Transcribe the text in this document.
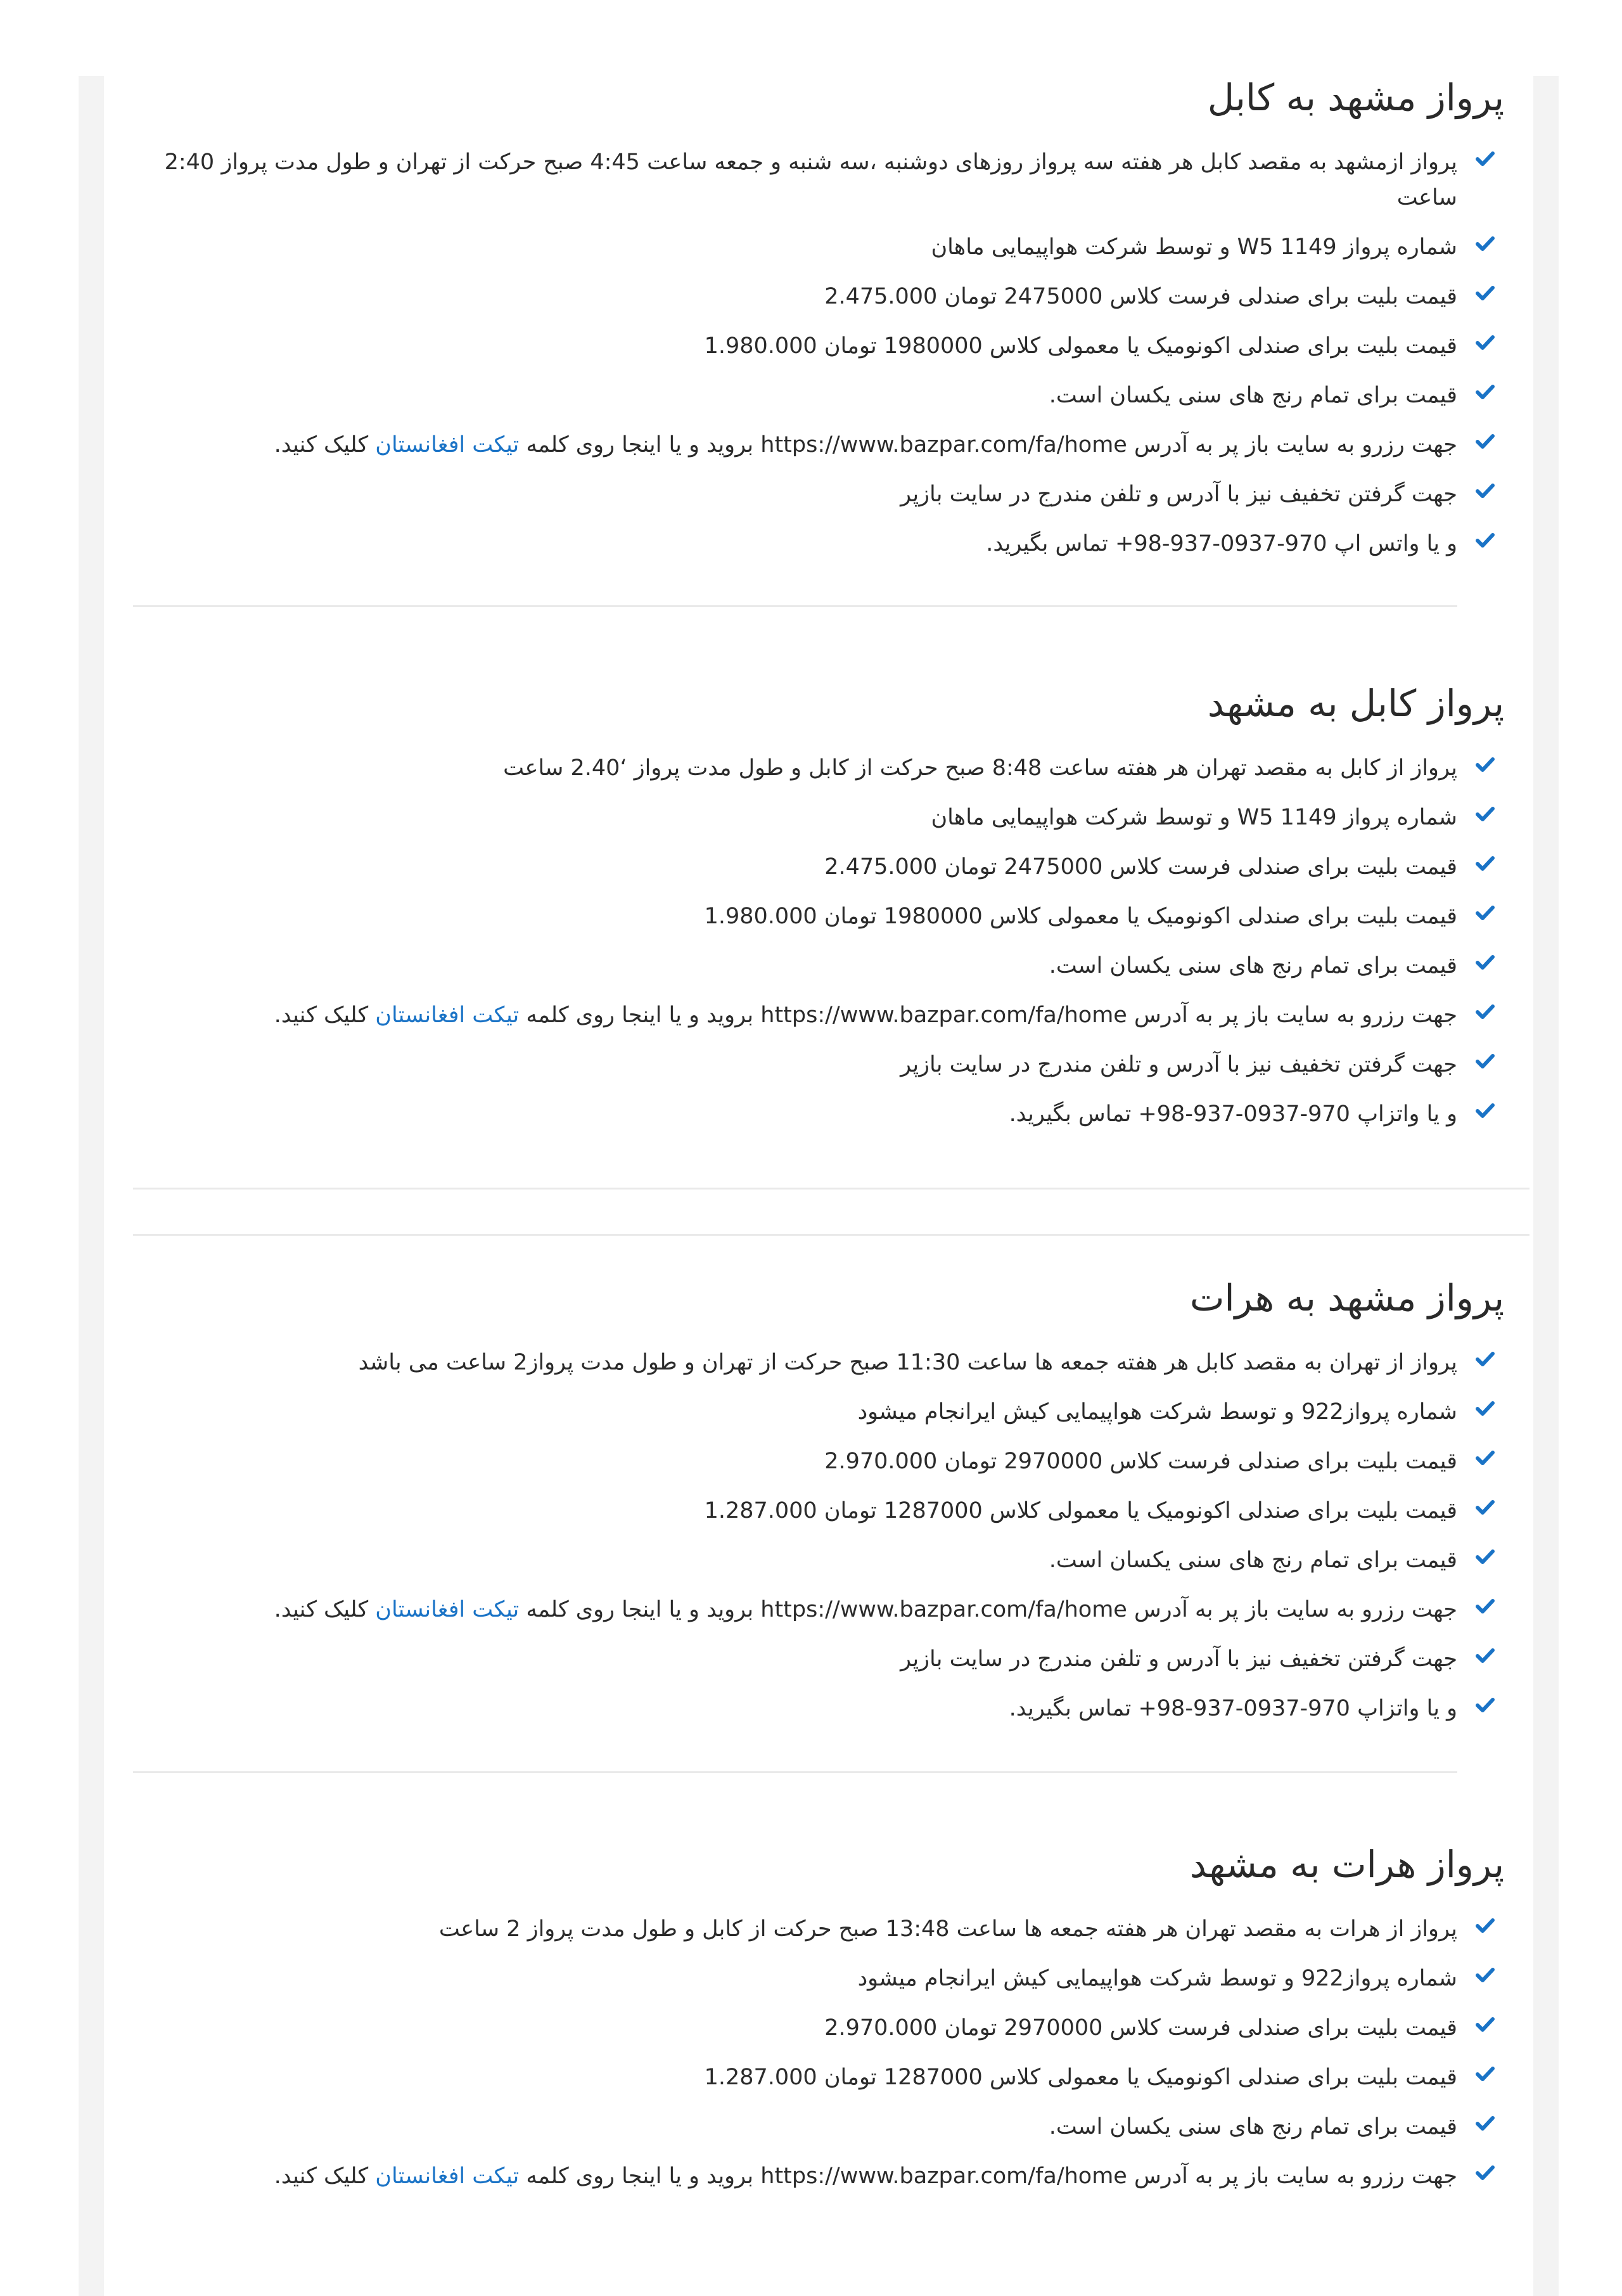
پرواز مشهد به کابل
پرواز ازمشهد به مقصد کابل هر هفته سه پرواز روزهای دوشنبه ،سه شنبه و جمعه ساعت 4:45 صبح حرکت از تهران و طول مدت پرواز 2:40 ساعت
شماره پرواز W5 1149 و توسط شرکت هواپیمایی ماهان
قیمت بلیت برای صندلی فرست کلاس 2475000 تومان 2.475.000
قیمت بلیت برای صندلی اکونومیک یا معمولی کلاس 1980000 تومان 1.980.000
قیمت برای تمام رنج های سنی یکسان است.
جهت رزرو به سایت باز پر به آدرس https://www.bazpar.com/fa/home بروید و یا اینجا روی کلمه تیکت افغانستان کلیک کنید.
جهت گرفتن تخفیف نیز با آدرس و تلفن مندرج در سایت بازپر
و یا واتس اپ 970-0937-937-98+ تماس بگیرید.
پرواز کابل به مشهد
پرواز از کابل به مقصد تهران هر هفته ساعت 8:48 صبح حرکت از کابل و طول مدت پرواز ‘2.40 ساعت
شماره پرواز W5 1149 و توسط شرکت هواپیمایی ماهان
قیمت بلیت برای صندلی فرست کلاس 2475000 تومان 2.475.000
قیمت بلیت برای صندلی اکونومیک یا معمولی کلاس 1980000 تومان 1.980.000
قیمت برای تمام رنج های سنی یکسان است.
جهت رزرو به سایت باز پر به آدرس https://www.bazpar.com/fa/home بروید و یا اینجا روی کلمه تیکت افغانستان کلیک کنید.
جهت گرفتن تخفیف نیز با آدرس و تلفن مندرج در سایت بازپر
و یا واتزاپ 970-0937-937-98+ تماس بگیرید.
پرواز مشهد به هرات
پرواز از تهران به مقصد کابل هر هفته جمعه ها ساعت 11:30 صبح حرکت از تهران و طول مدت پرواز2 ساعت می باشد
شماره پرواز922 و توسط شرکت هواپیمایی کیش ایرانجام میشود
قیمت بلیت برای صندلی فرست کلاس 2970000 تومان 2.970.000
قیمت بلیت برای صندلی اکونومیک یا معمولی کلاس 1287000 تومان 1.287.000
قیمت برای تمام رنج های سنی یکسان است.
جهت رزرو به سایت باز پر به آدرس https://www.bazpar.com/fa/home بروید و یا اینجا روی کلمه تیکت افغانستان کلیک کنید.
جهت گرفتن تخفیف نیز با آدرس و تلفن مندرج در سایت بازپر
و یا واتزاپ 970-0937-937-98+ تماس بگیرید.
پرواز هرات به مشهد
پرواز از هرات به مقصد تهران هر هفته جمعه ها ساعت 13:48 صبح حرکت از کابل و طول مدت پرواز 2 ساعت
شماره پرواز922 و توسط شرکت هواپیمایی کیش ایرانجام میشود
قیمت بلیت برای صندلی فرست کلاس 2970000 تومان 2.970.000
قیمت بلیت برای صندلی اکونومیک یا معمولی کلاس 1287000 تومان 1.287.000
قیمت برای تمام رنج های سنی یکسان است.
جهت رزرو به سایت باز پر به آدرس https://www.bazpar.com/fa/home بروید و یا اینجا روی کلمه تیکت افغانستان کلیک کنید.
